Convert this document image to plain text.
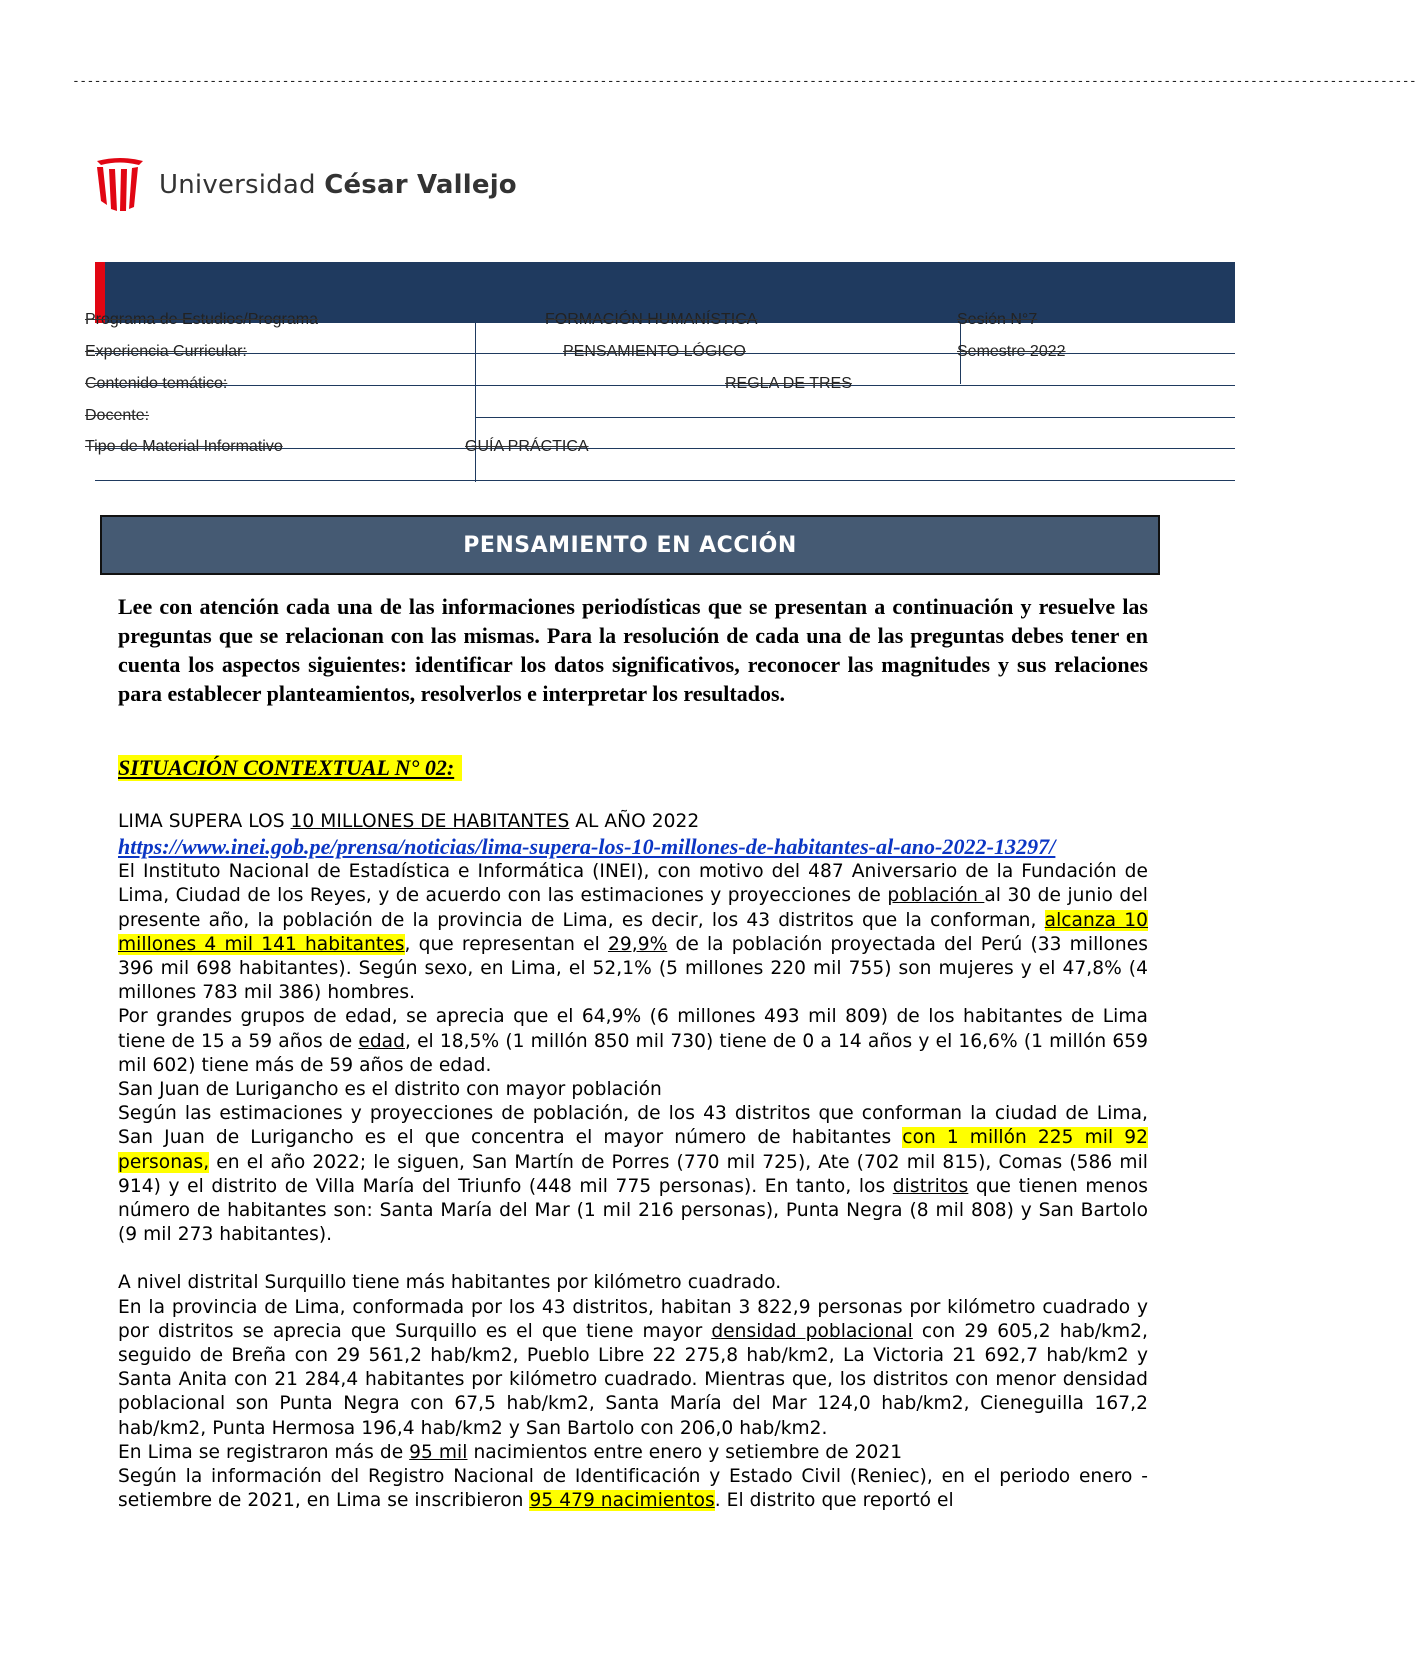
------------------------------------------------------------------------------------------------------------------------------------------------------------------------------------------
Universidad César Vallejo
Programa de Estudios/Programa	FORMACIÓN HUMANÍSTICA	Sesión N°7
Experiencia Curricular:	PENSAMIENTO LÓGICO	Semestre 2022
Contenido temático:	REGLA DE TRES
Docente:
Tipo de Material Informativo	GUÍA PRÁCTICA
PENSAMIENTO EN ACCIÓN
Lee con atención cada una de las informaciones periodísticas que se presentan a continuación y resuelve las preguntas que se relacionan con las mismas. Para la resolución de cada una de las preguntas debes tener en cuenta los aspectos siguientes: identificar los datos significativos, reconocer las magnitudes y sus relaciones para establecer planteamientos, resolverlos e interpretar los resultados.
SITUACIÓN CONTEXTUAL N° 02:

LIMA SUPERA LOS 10 MILLONES DE HABITANTES AL AÑO 2022

https://www.inei.gob.pe/prensa/noticias/lima-supera-los-10-millones-de-habitantes-al-ano-2022-13297/

El Instituto Nacional de Estadística e Informática (INEI), con motivo del 487 Aniversario de la Fundación de Lima, Ciudad de los Reyes, y de acuerdo con las estimaciones y proyecciones de población al 30 de junio del presente año, la población de la provincia de Lima, es decir, los 43 distritos que la conforman, alcanza 10 millones 4 mil 141 habitantes, que representan el 29,9% de la población proyectada del Perú (33 millones 396 mil 698 habitantes). Según sexo, en Lima, el 52,1% (5 millones 220 mil 755) son mujeres y el 47,8% (4 millones 783 mil 386) hombres.

Por grandes grupos de edad, se aprecia que el 64,9% (6 millones 493 mil 809) de los habitantes de Lima tiene de 15 a 59 años de edad, el 18,5% (1 millón 850 mil 730) tiene de 0 a 14 años y el 16,6% (1 millón 659 mil 602) tiene más de 59 años de edad.

San Juan de Lurigancho es el distrito con mayor población

Según las estimaciones y proyecciones de población, de los 43 distritos que conforman la ciudad de Lima, San Juan de Lurigancho es el que concentra el mayor número de habitantes con 1 millón 225 mil 92 personas, en el año 2022; le siguen, San Martín de Porres (770 mil 725), Ate (702 mil 815), Comas (586 mil 914) y el distrito de Villa María del Triunfo (448 mil 775 personas). En tanto, los distritos que tienen menos número de habitantes son: Santa María del Mar (1 mil 216 personas), Punta Negra (8 mil 808) y San Bartolo (9 mil 273 habitantes).

A nivel distrital Surquillo tiene más habitantes por kilómetro cuadrado.

En la provincia de Lima, conformada por los 43 distritos, habitan 3 822,9 personas por kilómetro cuadrado y por distritos se aprecia que Surquillo es el que tiene mayor densidad poblacional con 29 605,2 hab/km2, seguido de Breña con 29 561,2 hab/km2, Pueblo Libre 22 275,8 hab/km2, La Victoria 21 692,7 hab/km2 y Santa Anita con 21 284,4 habitantes por kilómetro cuadrado. Mientras que, los distritos con menor densidad poblacional son Punta Negra con 67,5 hab/km2, Santa María del Mar 124,0 hab/km2, Cieneguilla 167,2 hab/km2, Punta Hermosa 196,4 hab/km2 y San Bartolo con 206,0 hab/km2.

En Lima se registraron más de 95 mil nacimientos entre enero y setiembre de 2021

Según la información del Registro Nacional de Identificación y Estado Civil (Reniec), en el periodo enero - setiembre de 2021, en Lima se inscribieron 95 479 nacimientos. El distrito que reportó el
